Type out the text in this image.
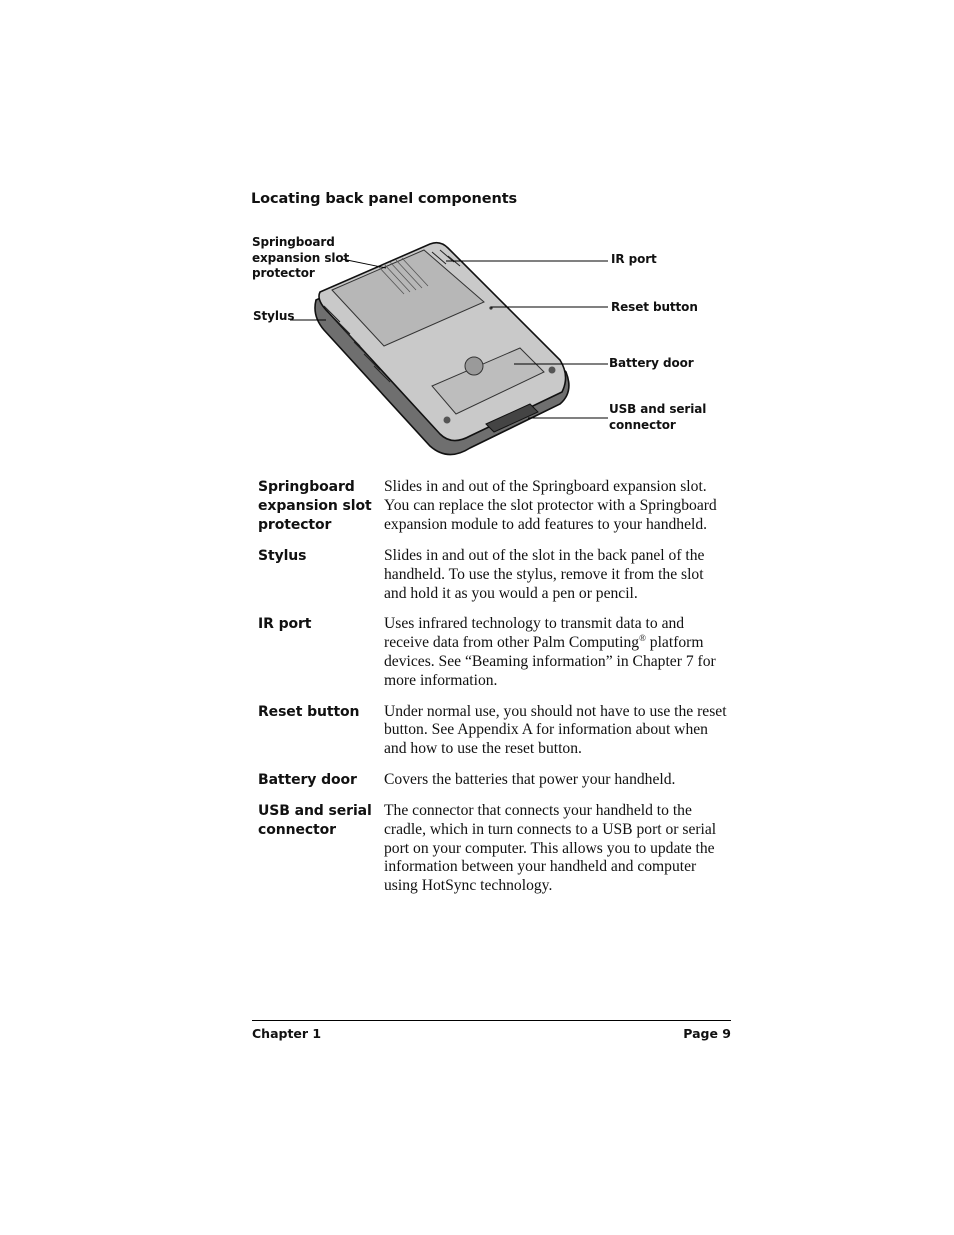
Locating back panel components
Springboard
expansion slot
protector
Stylus
IR port
Reset button
Battery door
USB and serial
connector
Springboard
expansion slot
protector	Slides in and out of the Springboard expansion slot. You can replace the slot protector with a Springboard expansion module to add features to your handheld.
Stylus	Slides in and out of the slot in the back panel of the handheld. To use the stylus, remove it from the slot and hold it as you would a pen or pencil.
IR port	Uses infrared technology to transmit data to and receive data from other Palm Computing® platform devices. See “Beaming information” in Chapter 7 for more information.
Reset button	Under normal use, you should not have to use the reset button. See Appendix A for information about when and how to use the reset button.
Battery door	Covers the batteries that power your handheld.
USB and serial
connector	The connector that connects your handheld to the cradle, which in turn connects to a USB port or serial port on your computer. This allows you to update the information between your handheld and computer using HotSync technology.
Chapter 1	Page 9
